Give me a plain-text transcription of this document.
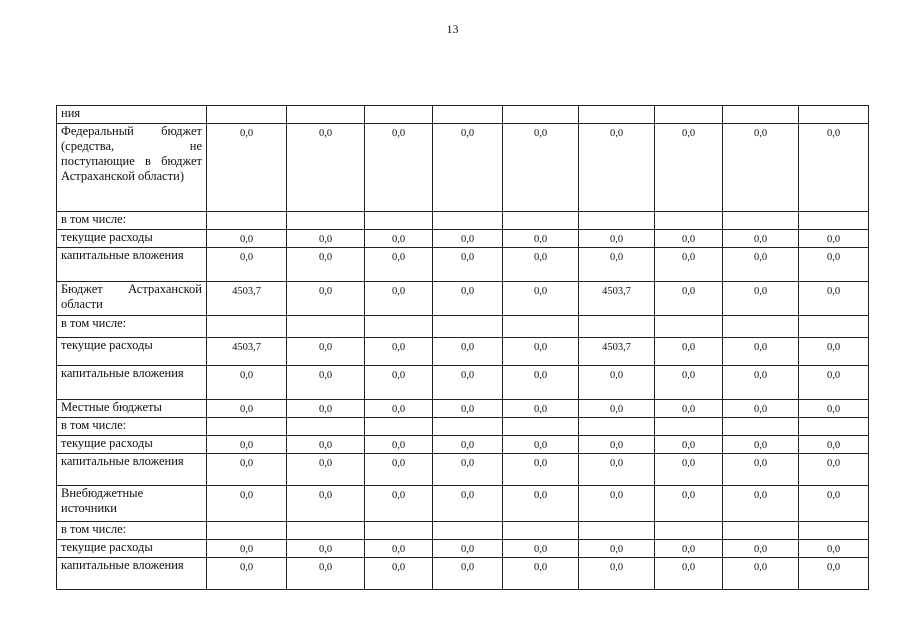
13
ния									
Федеральный бюджет (средства, не поступающие в бюджет Астраханской области)	0,0	0,0	0,0	0,0	0,0	0,0	0,0	0,0	0,0
в том числе:									
текущие расходы	0,0	0,0	0,0	0,0	0,0	0,0	0,0	0,0	0,0
капитальные вложения	0,0	0,0	0,0	0,0	0,0	0,0	0,0	0,0	0,0
Бюджет Астраханской области	4503,7	0,0	0,0	0,0	0,0	4503,7	0,0	0,0	0,0
в том числе:									
текущие расходы	4503,7	0,0	0,0	0,0	0,0	4503,7	0,0	0,0	0,0
капитальные вложения	0,0	0,0	0,0	0,0	0,0	0,0	0,0	0,0	0,0
Местные бюджеты	0,0	0,0	0,0	0,0	0,0	0,0	0,0	0,0	0,0
в том числе:									
текущие расходы	0,0	0,0	0,0	0,0	0,0	0,0	0,0	0,0	0,0
капитальные вложения	0,0	0,0	0,0	0,0	0,0	0,0	0,0	0,0	0,0
Внебюджетные источники	0,0	0,0	0,0	0,0	0,0	0,0	0,0	0,0	0,0
в том числе:									
текущие расходы	0,0	0,0	0,0	0,0	0,0	0,0	0,0	0,0	0,0
капитальные вложения	0,0	0,0	0,0	0,0	0,0	0,0	0,0	0,0	0,0
